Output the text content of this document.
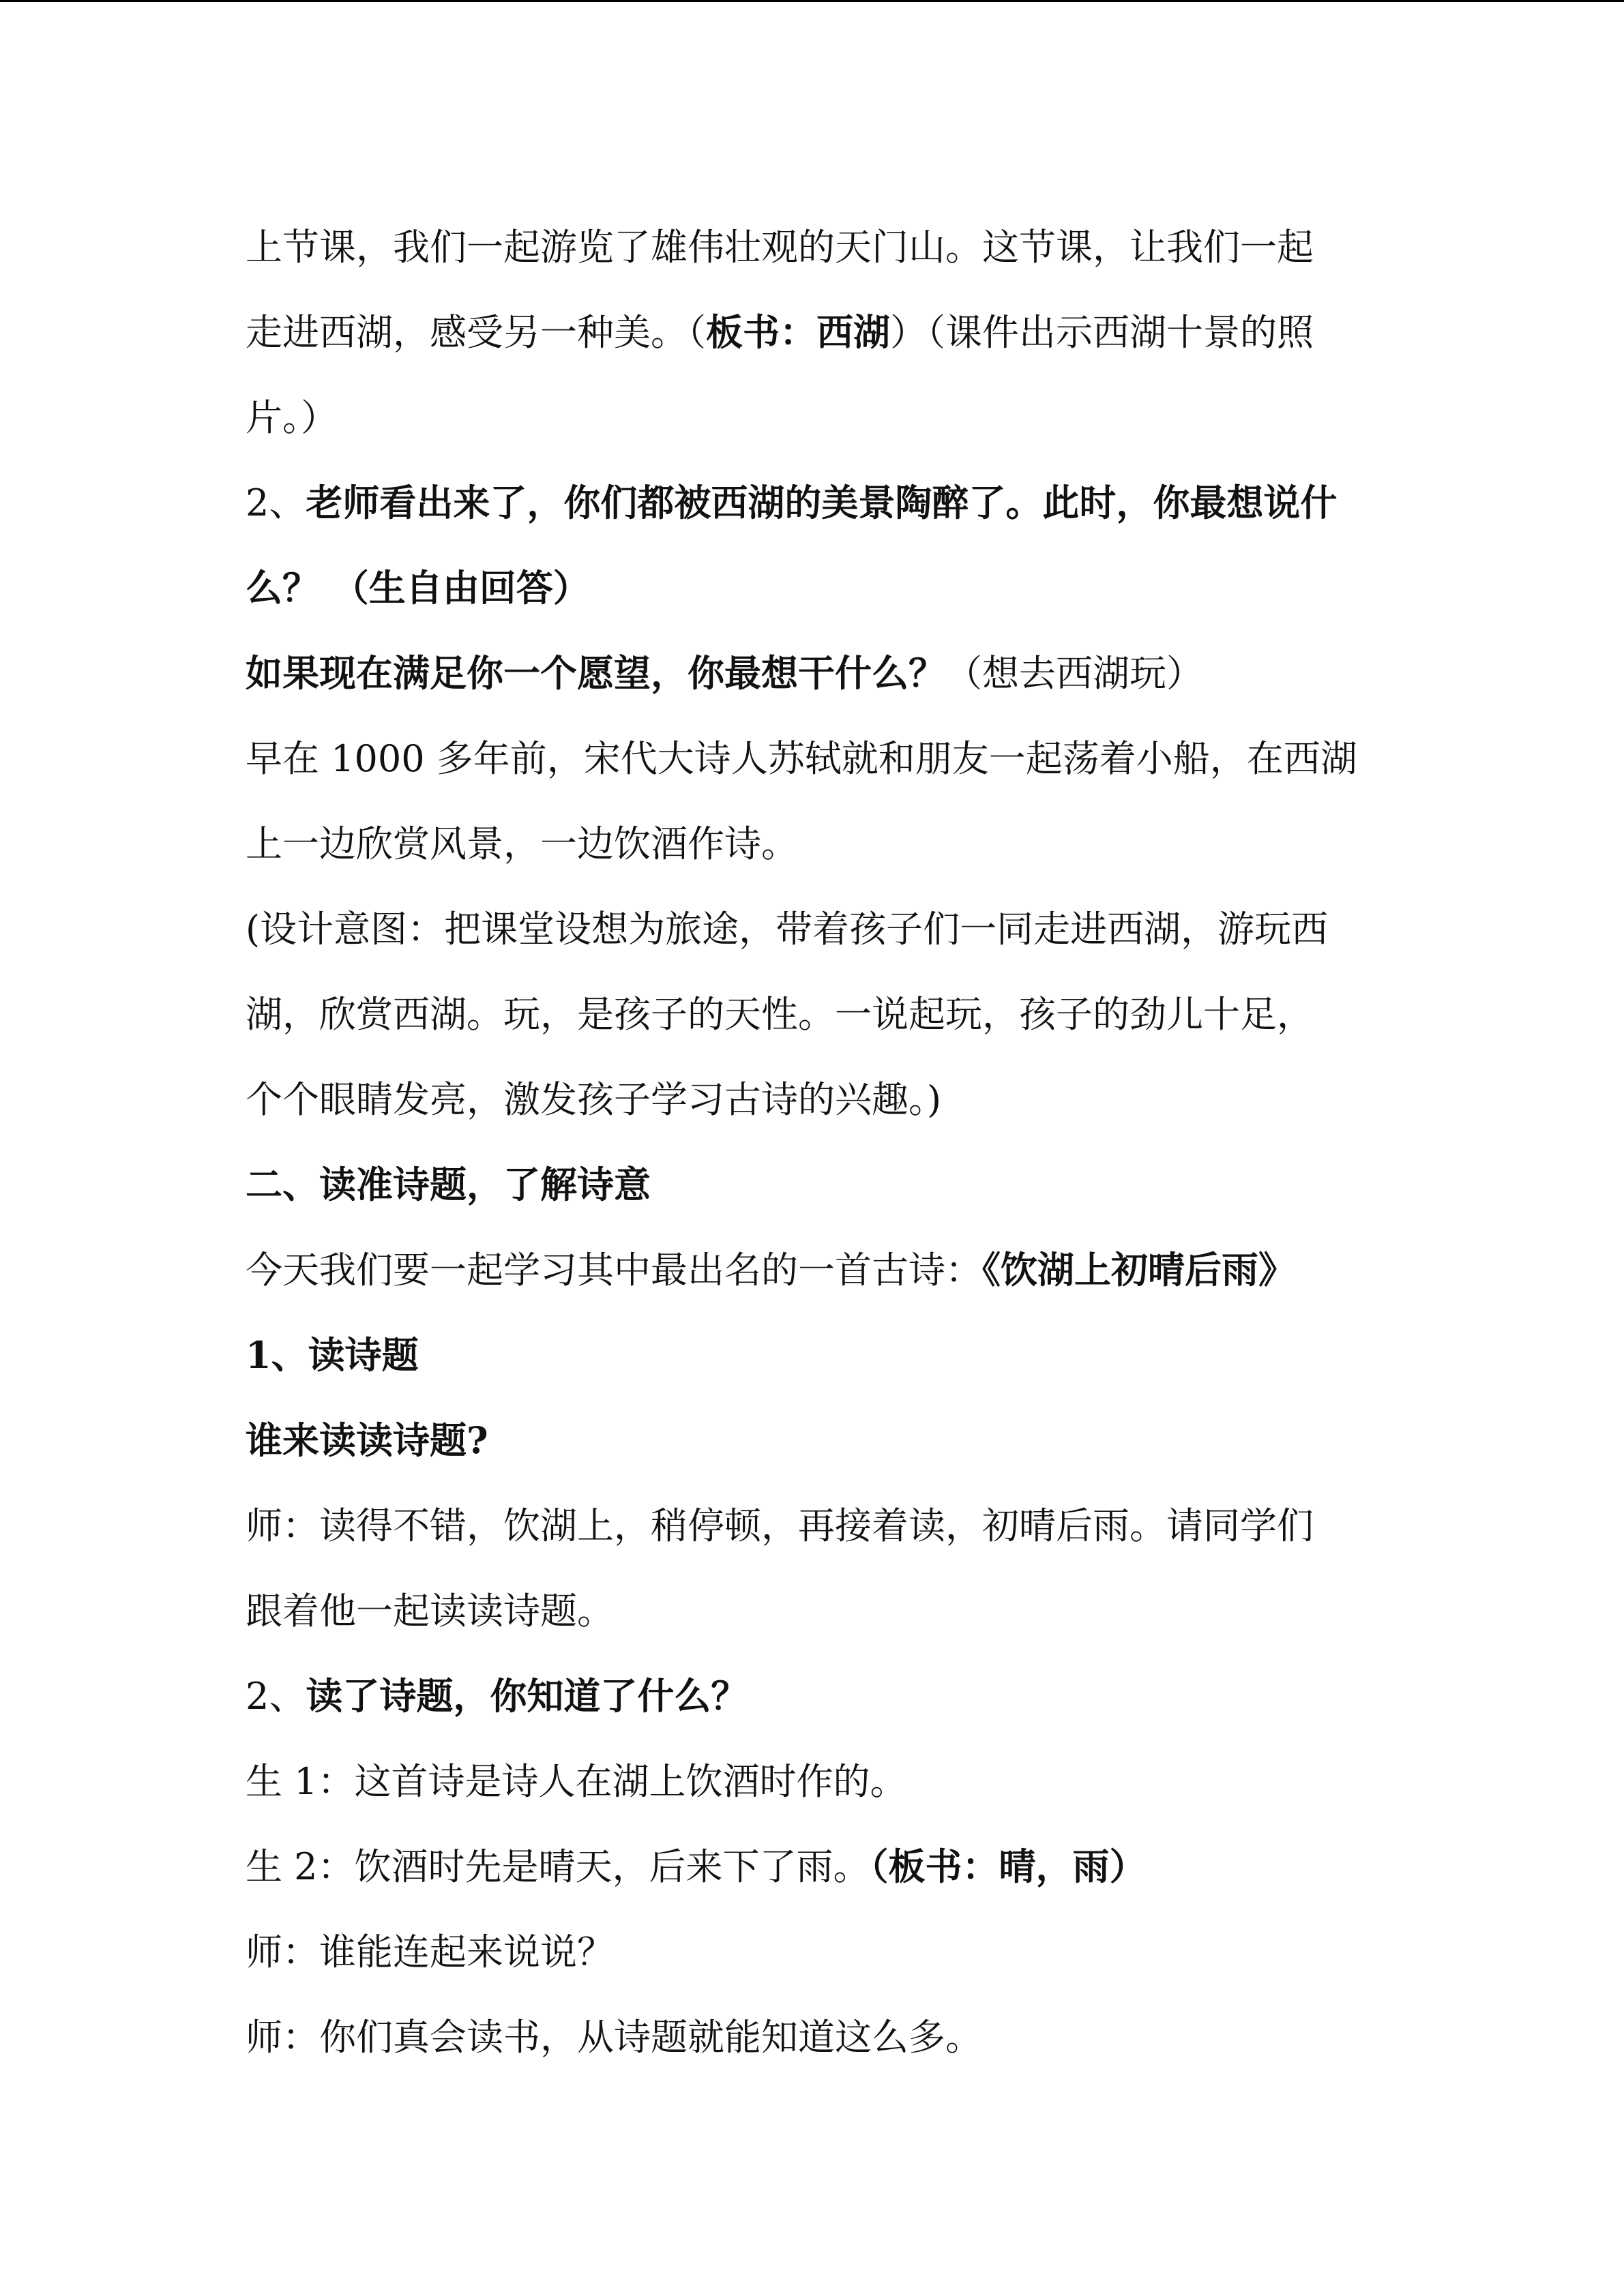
上节课，我们一起游览了雄伟壮观的天门山。这节课，让我们一起
走进西湖，感受另一种美。（板书：西湖）（课件出示西湖十景的照
片。）
2、老师看出来了，你们都被西湖的美景陶醉了。此时，你最想说什
么？ （生自由回答）
如果现在满足你一个愿望，你最想干什么？（想去西湖玩）
早在 1000 多年前，宋代大诗人苏轼就和朋友一起荡着小船，在西湖
上一边欣赏风景，一边饮酒作诗。
(设计意图：把课堂设想为旅途，带着孩子们一同走进西湖，游玩西
湖，欣赏西湖。玩，是孩子的天性。一说起玩，孩子的劲儿十足，
个个眼睛发亮，激发孩子学习古诗的兴趣。)
二、读准诗题，了解诗意
今天我们要一起学习其中最出名的一首古诗：《饮湖上初晴后雨》
1、读诗题
谁来读读诗题?
师：读得不错，饮湖上，稍停顿，再接着读，初晴后雨。请同学们
跟着他一起读读诗题。
2、读了诗题，你知道了什么？
生 1：这首诗是诗人在湖上饮酒时作的。
生 2：饮酒时先是晴天，后来下了雨。（板书：晴，雨）
师：谁能连起来说说？
师：你们真会读书，从诗题就能知道这么多。
